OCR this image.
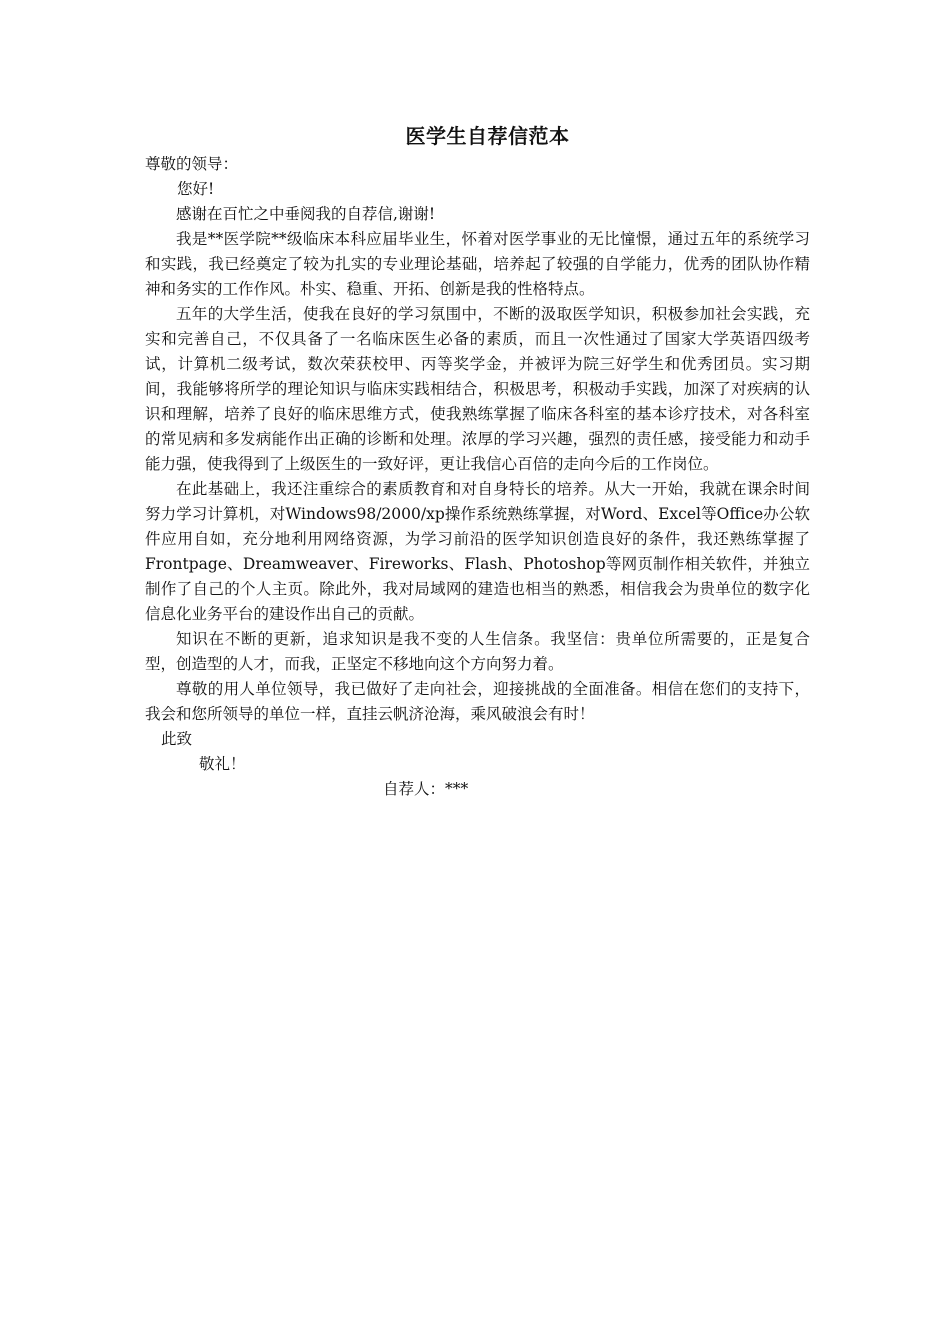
医学生自荐信范本

尊敬的领导：

您好!

感谢在百忙之中垂阅我的自荐信,谢谢!

我是**医学院**级临床本科应届毕业生，怀着对医学事业的无比憧憬，通过五年的系统学习和实践，我已经奠定了较为扎实的专业理论基础，培养起了较强的自学能力，优秀的团队协作精神和务实的工作作风。朴实、稳重、开拓、创新是我的性格特点。

五年的大学生活，使我在良好的学习氛围中，不断的汲取医学知识，积极参加社会实践，充实和完善自己，不仅具备了一名临床医生必备的素质，而且一次性通过了国家大学英语四级考试，计算机二级考试，数次荣获校甲、丙等奖学金，并被评为院三好学生和优秀团员。实习期间，我能够将所学的理论知识与临床实践相结合，积极思考，积极动手实践，加深了对疾病的认识和理解，培养了良好的临床思维方式，使我熟练掌握了临床各科室的基本诊疗技术，对各科室的常见病和多发病能作出正确的诊断和处理。浓厚的学习兴趣，强烈的责任感，接受能力和动手能力强，使我得到了上级医生的一致好评，更让我信心百倍的走向今后的工作岗位。

在此基础上，我还注重综合的素质教育和对自身特长的培养。从大一开始，我就在课余时间努力学习计算机，对Windows98/2000/xp操作系统熟练掌握，对Word、Excel等Office办公软件应用自如，充分地利用网络资源，为学习前沿的医学知识创造良好的条件，我还熟练掌握了Frontpage、Dreamweaver、Fireworks、Flash、Photoshop等网页制作相关软件，并独立制作了自己的个人主页。除此外，我对局域网的建造也相当的熟悉，相信我会为贵单位的数字化信息化业务平台的建设作出自己的贡献。

知识在不断的更新，追求知识是我不变的人生信条。我坚信：贵单位所需要的，正是复合型，创造型的人才，而我，正坚定不移地向这个方向努力着。

尊敬的用人单位领导，我已做好了走向社会，迎接挑战的全面准备。相信在您们的支持下，我会和您所领导的单位一样，直挂云帆济沧海，乘风破浪会有时！

此致

敬礼！

自荐人：***
